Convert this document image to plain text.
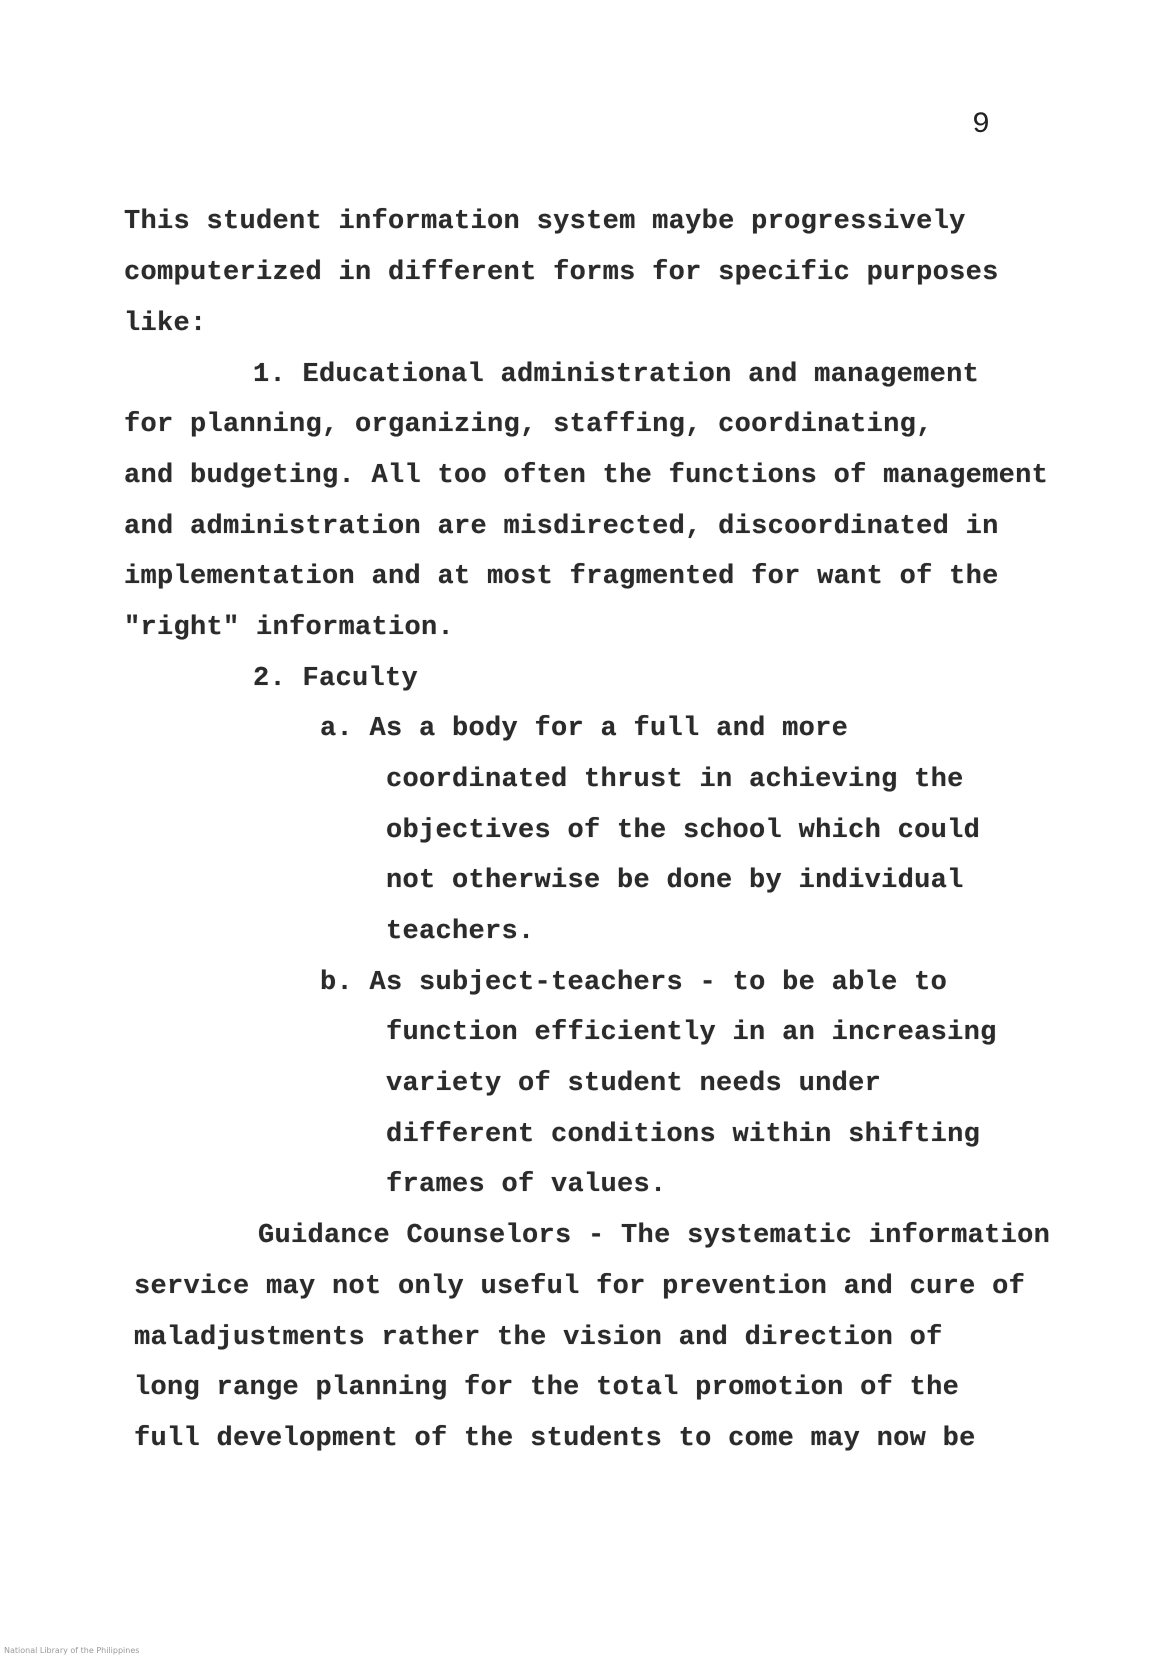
9
This student information system maybe progressively
computerized in different forms for specific purposes
like:
1. Educational administration and management
for planning, organizing, staffing, coordinating,
and budgeting. All too often the functions of management
and administration are misdirected, discoordinated in
implementation and at most fragmented for want of the
"right" information.
2. Faculty
a. As a body for a full and more
coordinated thrust in achieving the
objectives of the school which could
not otherwise be done by individual
teachers.
b. As subject-teachers - to be able to
function efficiently in an increasing
variety of student needs under
different conditions within shifting
frames of values.
Guidance Counselors - The systematic information
service may not only useful for prevention and cure of
maladjustments rather the vision and direction of
long range planning for the total promotion of the
full development of the students to come may now be
National Library of the Philippines
